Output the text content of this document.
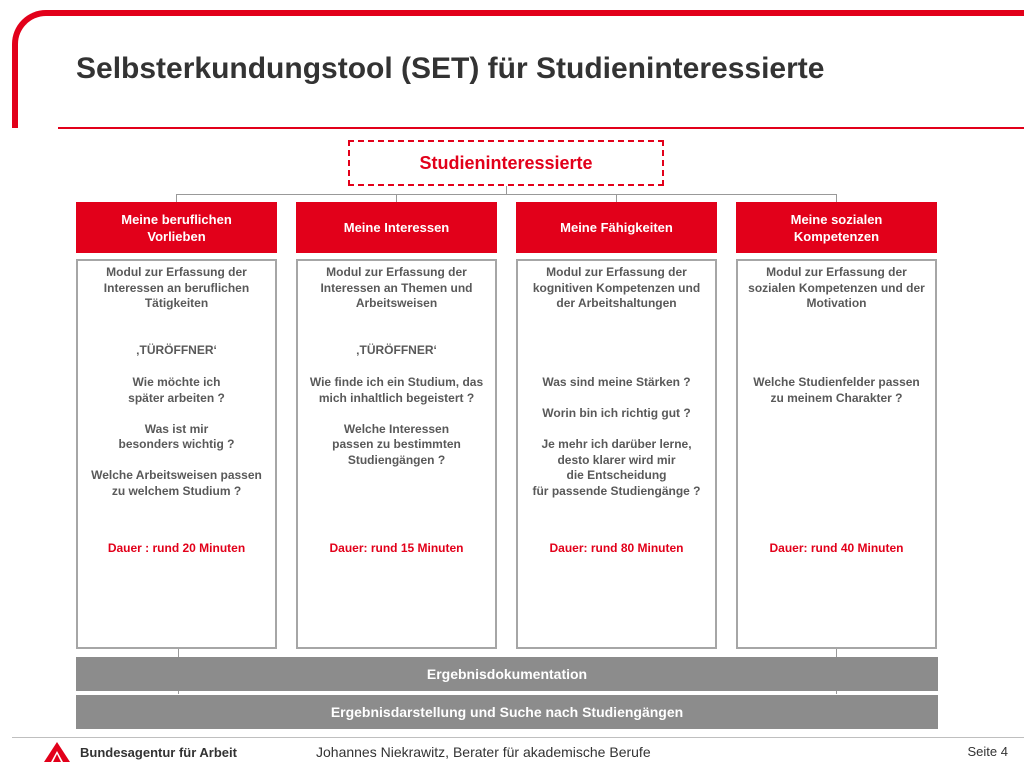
Selbsterkundungstool (SET) für Studieninteressierte
Studieninteressierte
Meine beruflichen
Vorlieben

Modul zur Erfassung der
Interessen an beruflichen
Tätigkeiten

‚TÜRÖFFNER‘

Wie möchte ich
später arbeiten ?

Was ist mir
besonders wichtig ?

Welche Arbeitsweisen passen
zu welchem Studium ?

Dauer : rund 20 Minuten

Meine Interessen

Modul zur Erfassung der
Interessen an Themen und
Arbeitsweisen

‚TÜRÖFFNER‘

Wie finde ich ein Studium, das
mich inhaltlich begeistert ?

Welche Interessen
passen zu bestimmten
Studiengängen ?

Dauer: rund 15 Minuten

Meine Fähigkeiten

Modul zur Erfassung der
kognitiven Kompetenzen und
der Arbeitshaltungen

Was sind meine Stärken ?

Worin bin ich richtig gut ?

Je mehr ich darüber lerne,
desto klarer wird mir
die Entscheidung
für passende Studiengänge ?

Dauer: rund 80 Minuten

Meine sozialen
Kompetenzen

Modul zur Erfassung der
sozialen Kompetenzen und der
Motivation

Welche Studienfelder passen
zu meinem Charakter ?

Dauer: rund 40 Minuten

Ergebnisdokumentation
Ergebnisdarstellung und Suche nach Studiengängen
Bundesagentur für Arbeit	Johannes Niekrawitz, Berater für akademische Berufe	Seite 4
